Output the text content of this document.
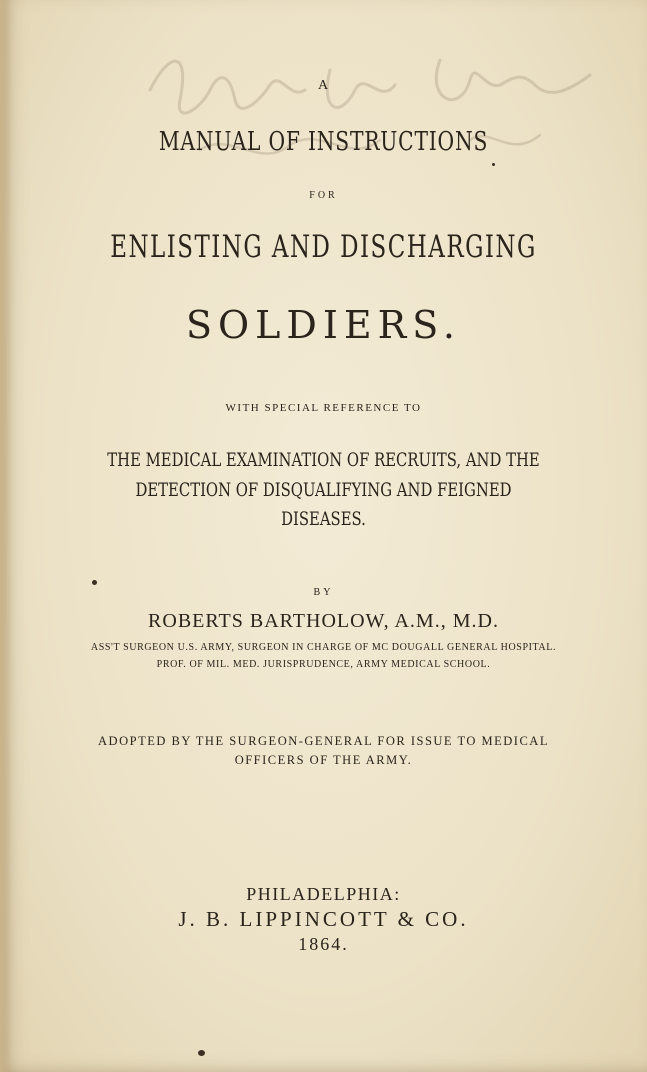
A

MANUAL OF INSTRUCTIONS

FOR

ENLISTING AND DISCHARGING

SOLDIERS.

WITH SPECIAL REFERENCE TO

THE MEDICAL EXAMINATION OF RECRUITS, AND THE

DETECTION OF DISQUALIFYING AND FEIGNED

DISEASES.

BY

ROBERTS BARTHOLOW, A.M., M.D.

ASS'T SURGEON U.S. ARMY, SURGEON IN CHARGE OF MC DOUGALL GENERAL HOSPITAL.

PROF. OF MIL. MED. JURISPRUDENCE, ARMY MEDICAL SCHOOL.

ADOPTED BY THE SURGEON-GENERAL FOR ISSUE TO MEDICAL

OFFICERS OF THE ARMY.

PHILADELPHIA:

J. B. LIPPINCOTT & CO.

1864.
